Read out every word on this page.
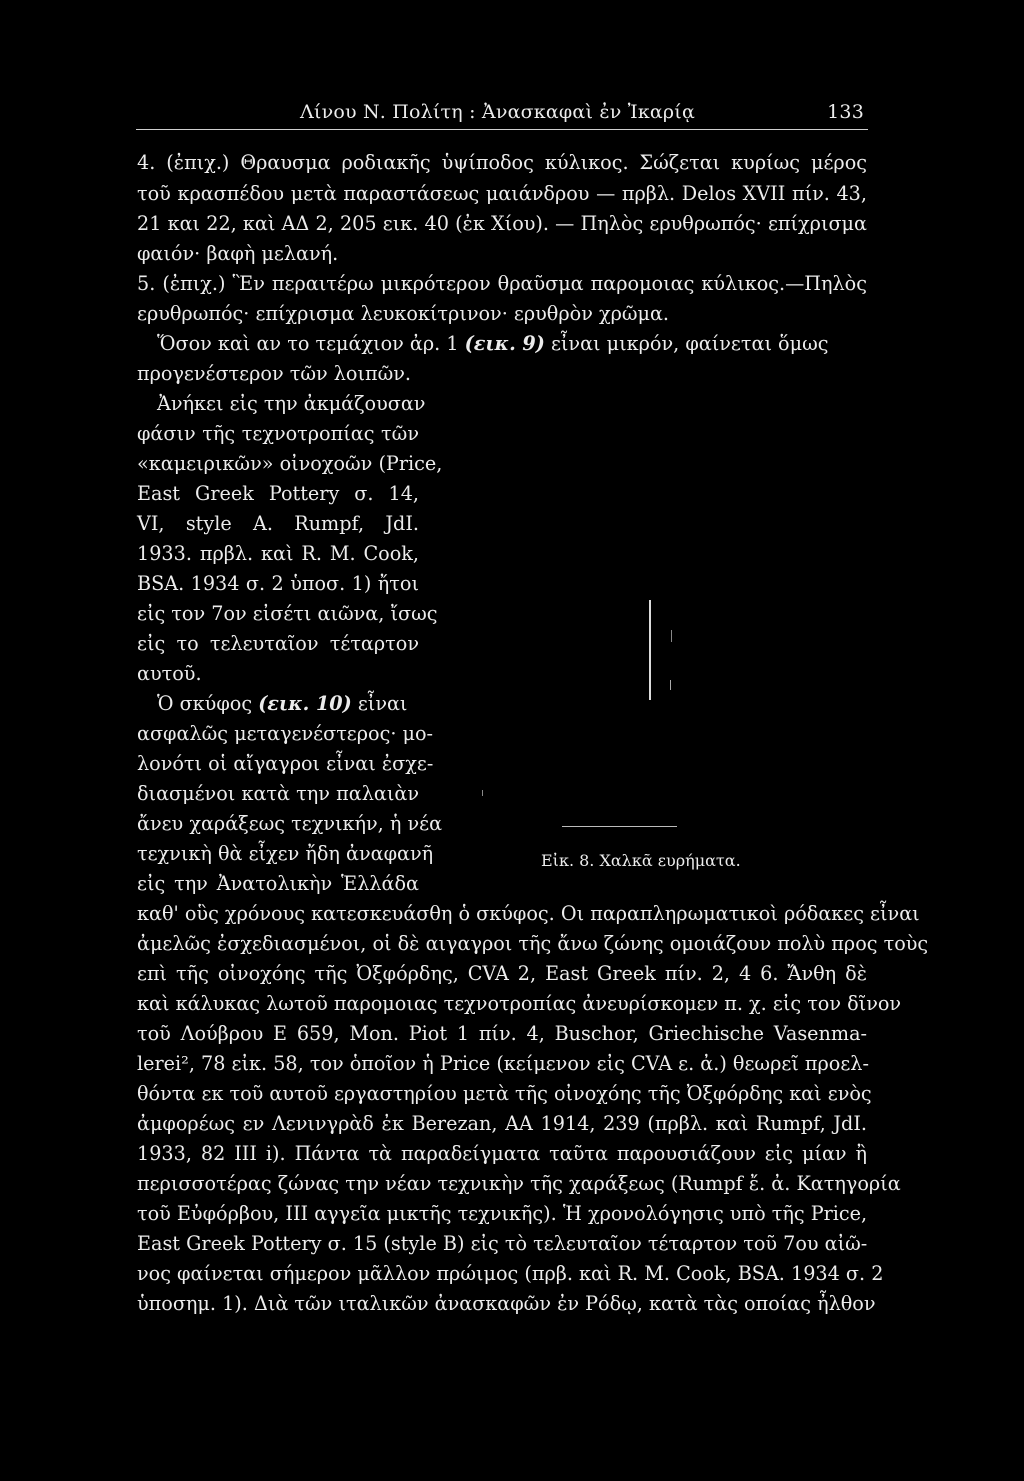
Λίνου Ν. Πολίτη : Ἀνασκαφαὶ ἐν Ἰκαρίᾳ	133
4. (ἐπιχ.) Θραυσμα ροδιακῆς ὑψίποδος κύλικος. Σώζεται κυρίως μέρος
τοῦ κρασπέδου μετὰ παραστάσεως μαιάνδρου — πρβλ. Delos XVII πίν. 43,
21 και 22, καὶ ΑΔ 2, 205 εικ. 40 (ἐκ Χίου). — Πηλὸς ερυθρωπός· επίχρισμα
φαιόν· βαφὴ μελανή.
5. (ἐπιχ.) Ἓν περαιτέρω μικρότερον θραῦσμα παρομοιας κύλικος.—Πηλὸς
ερυθρωπός· επίχρισμα λευκοκίτρινον· ερυθρὸν χρῶμα.
Ὅσον καὶ αν το τεμάχιον ἀρ. 1 (εικ. 9) εἶναι μικρόν, φαίνεται ὅμως
προγενέστερον τῶν λοιπῶν.
Ἀνήκει εἰς την ἀκμάζουσαν
φάσιν τῆς τεχνοτροπίας τῶν
«καμειρικῶν» οἰνοχοῶν (Price,
East Greek Pottery σ. 14,
VI, style A. Rumpf, JdI.
1933. πρβλ. καὶ R. M. Cook,
BSA. 1934 σ. 2 ὑποσ. 1) ἤτοι
εἰς τον 7ον εἰσέτι αιῶνα, ἴσως
εἰς το τελευταῖον τέταρτον
αυτοῦ.
Ὁ σκύφος (εικ. 10) εἶναι
ασφαλῶς μεταγενέστερος· μο-
λονότι οἱ αἴγαγροι εἶναι ἐσχε-
διασμένοι κατὰ την παλαιὰν
ἄνευ χαράξεως τεχνικήν, ἡ νέα
τεχνικὴ θὰ εἶχεν ἤδη ἀναφανῆ
εἰς την Ἀνατολικὴν Ἑλλάδα
Εἰκ. 8. Χαλκᾶ ευρήματα.
καθ' οὓς χρόνους κατεσκευάσθη ὁ σκύφος. Οι παραπληρωματικοὶ ρόδακες εἶναι
ἀμελῶς ἐσχεδιασμένοι, οἱ δὲ αιγαγροι τῆς ἄνω ζώνης ομοιάζουν πολὺ προς τοὺς
επὶ τῆς οἰνοχόης τῆς Ὀξφόρδης, CVA 2, East Greek πίν. 2, 4 6. Ἄνθη δὲ
καὶ κάλυκας λωτοῦ παρομοιας τεχνοτροπίας ἀνευρίσκομεν π. χ. εἰς τον δῖνον
τοῦ Λούβρου E 659, Mon. Piot 1 πίν. 4, Buschor, Griechische Vasenma-
lerei², 78 εἰκ. 58, τον ὁποῖον ἡ Price (κείμενον εἰς CVA ε. ἀ.) θεωρεῖ προελ-
θόντα εκ τοῦ αυτοῦ εργαστηρίου μετὰ τῆς οἰνοχόης τῆς Ὀξφόρδης καὶ ενὸς
ἀμφορέως εν Λενινγρὰδ ἐκ Berezan, AA 1914, 239 (πρβλ. καὶ Rumpf, JdI.
1933, 82 III i). Πάντα τὰ παραδείγματα ταῦτα παρουσιάζουν εἰς μίαν ἢ
περισσοτέρας ζώνας την νέαν τεχνικὴν τῆς χαράξεως (Rumpf ἔ. ἀ. Κατηγορία
τοῦ Εὐφόρβου, III αγγεῖα μικτῆς τεχνικῆς). Ἡ χρονολόγησις υπὸ τῆς Price,
East Greek Pottery σ. 15 (style B) εἰς τὸ τελευταῖον τέταρτον τοῦ 7ου αἰῶ-
νος φαίνεται σήμερον μᾶλλον πρώιμος (πρβ. καὶ R. M. Cook, BSA. 1934 σ. 2
ὑποσημ. 1). Διὰ τῶν ιταλικῶν ἀνασκαφῶν ἐν Ρόδῳ, κατὰ τὰς οποίας ἦλθον
